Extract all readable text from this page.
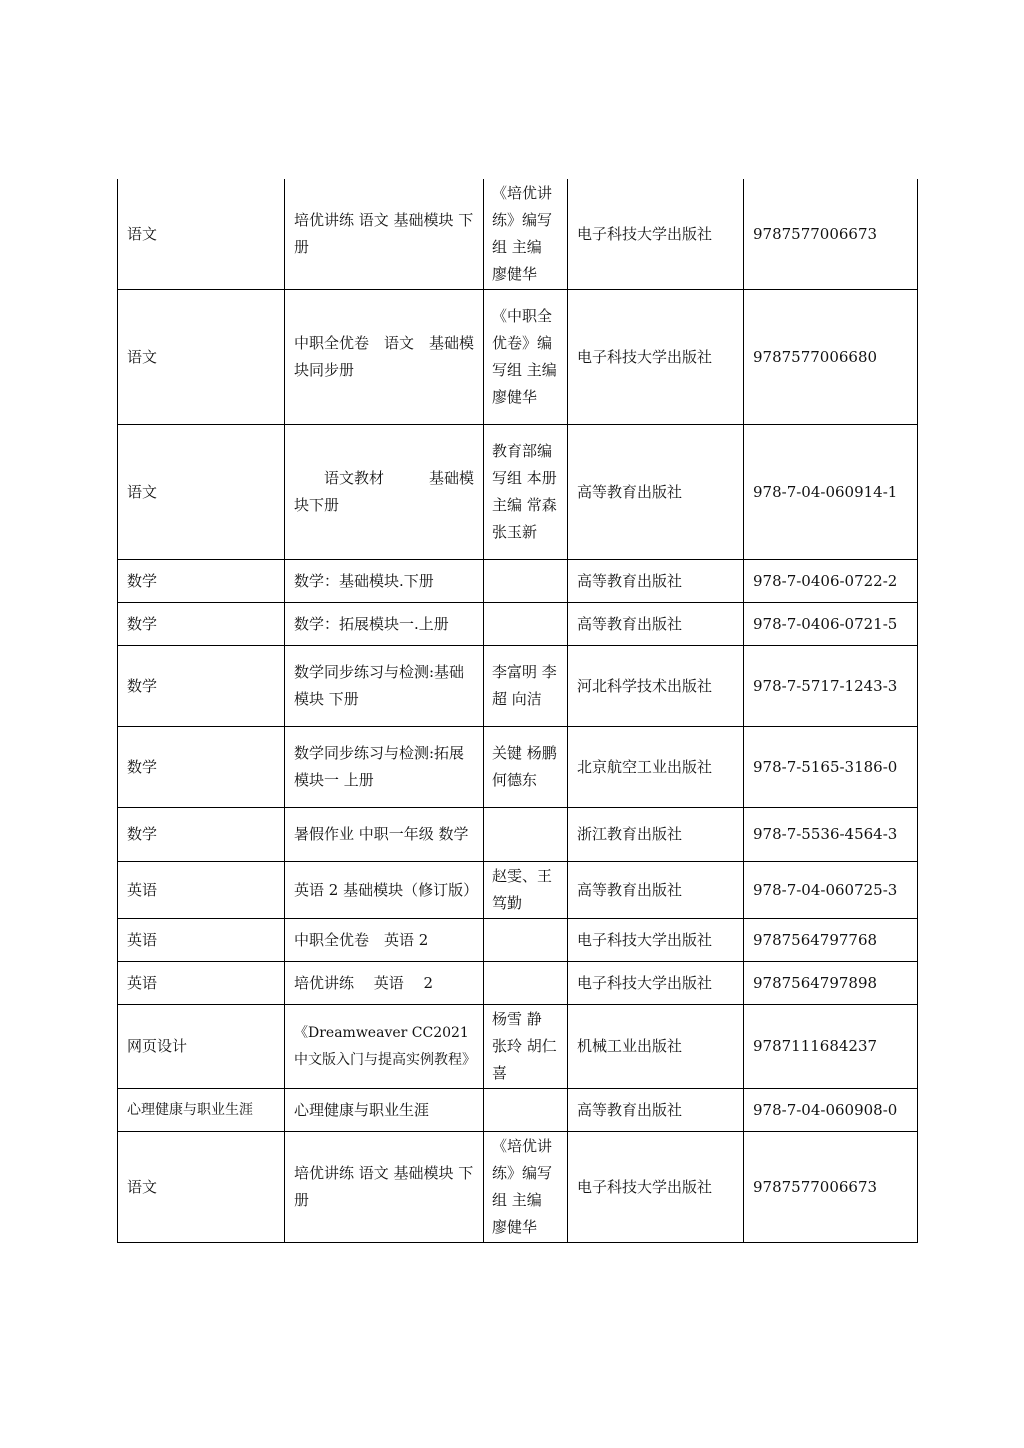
语文	培优讲练 语文 基础模块 下册	《培优讲练》编写组 主编 廖健华	电子科技大学出版社	9787577006673
语文	中职全优卷　语文　基础模块同步册	《中职全优卷》编写组 主编 廖健华	电子科技大学出版社	9787577006680
语文	　　语文教材　　　基础模块下册	教育部编写组 本册主编 常森 张玉新	高等教育出版社	978-7-04-060914-1
数学	数学：基础模块.下册		高等教育出版社	978-7-0406-0722-2
数学	数学：拓展模块一.上册		高等教育出版社	978-7-0406-0721-5
数学	数学同步练习与检测:基础模块 下册	李富明 李超 向洁	河北科学技术出版社	978-7-5717-1243-3
数学	数学同步练习与检测:拓展模块一 上册	关键 杨鹏 何德东	北京航空工业出版社	978-7-5165-3186-0
数学	暑假作业 中职一年级 数学		浙江教育出版社	978-7-5536-4564-3
英语	英语 2 基础模块（修订版）	赵雯、王笃勤	高等教育出版社	978-7-04-060725-3
英语	中职全优卷　英语 2		电子科技大学出版社	9787564797768
英语	培优讲练　 英语　 2		电子科技大学出版社	9787564797898
网页设计	《Dreamweaver CC2021 中文版入门与提高实例教程》	杨雪 静 张玲 胡仁喜	机械工业出版社	9787111684237
心理健康与职业生涯	心理健康与职业生涯		高等教育出版社	978-7-04-060908-0
语文	培优讲练 语文 基础模块 下册	《培优讲练》编写组 主编 廖健华	电子科技大学出版社	9787577006673
